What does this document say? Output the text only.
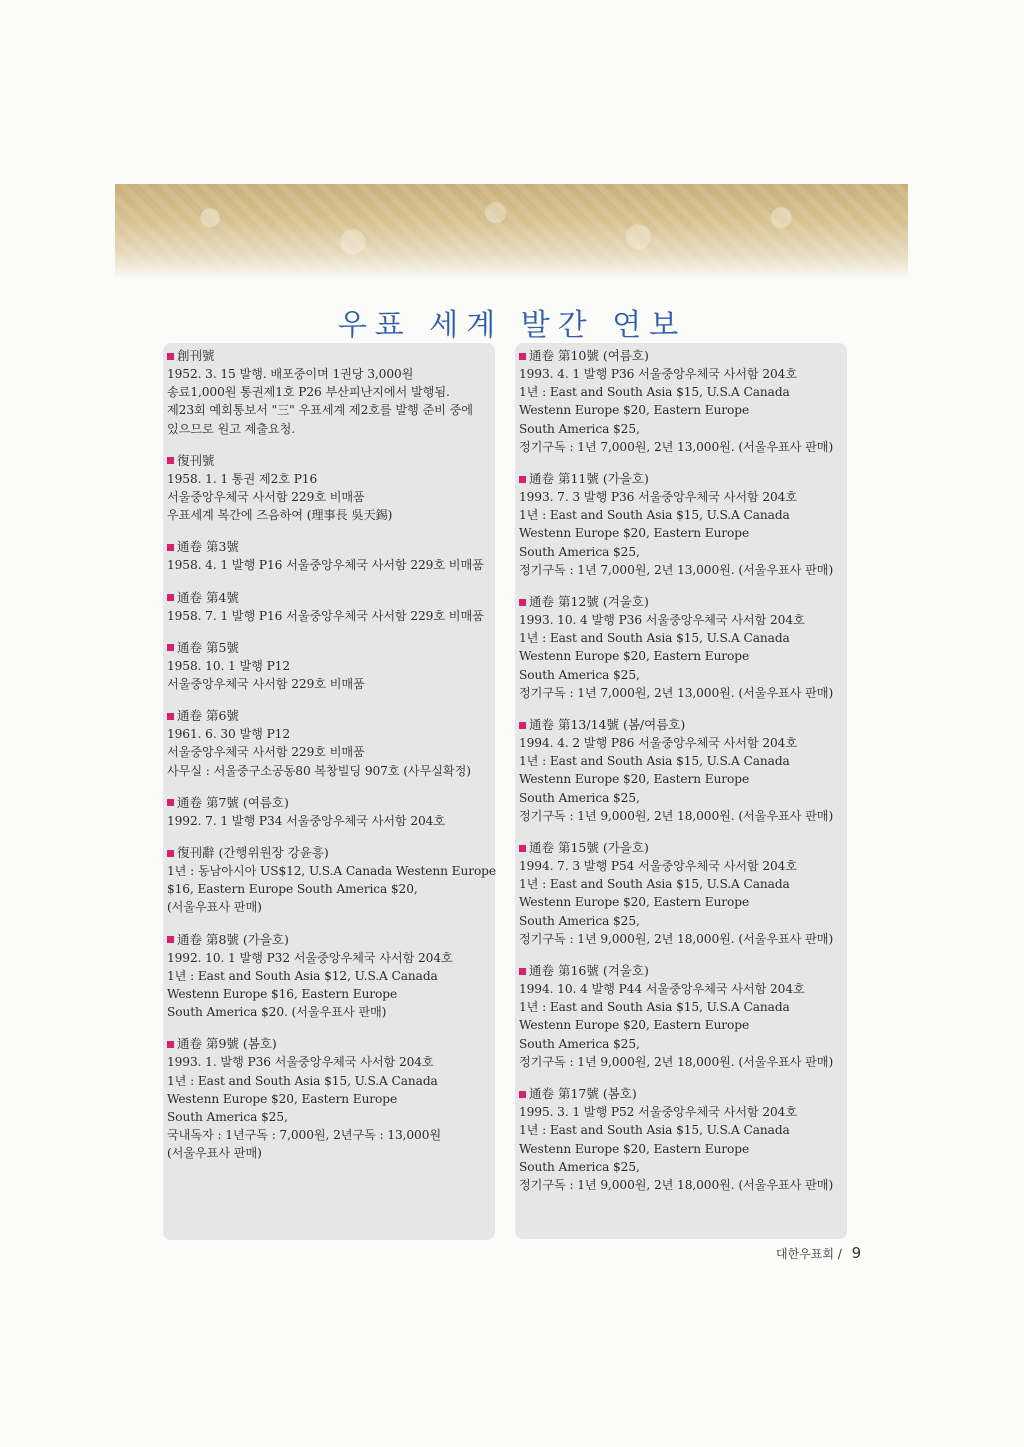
우표 세계 발간 연보
創刊號
1952. 3. 15 발행. 배포중이며 1권당 3,000원
송료1,000원 통권제1호 P26 부산피난지에서 발행됨.
제23회 예회통보서 "三" 우표세계 제2호를 발행 준비 중에
있으므로 원고 제출요청.
復刊號
1958. 1. 1 통권 제2호 P16
서울중앙우체국 사서함 229호 비매품
우표세계 복간에 즈음하여 (理事長 吳天錫)
通卷 第3號
1958. 4. 1 발행 P16 서울중앙우체국 사서함 229호 비매품
通卷 第4號
1958. 7. 1 발행 P16 서울중앙우체국 사서함 229호 비매품
通卷 第5號
1958. 10. 1 발행 P12
서울중앙우체국 사서함 229호 비매품
通卷 第6號
1961. 6. 30 발행 P12
서울중앙우체국 사서함 229호 비매품
사무실 : 서울중구소공동80 복창빌딩 907호 (사무실확정)
通卷 第7號 (여름호)
1992. 7. 1 발행 P34 서울중앙우체국 사서함 204호
復刊辭 (간행위원장 강윤흥)
1년 : 동남아시아 US$12, U.S.A Canada Westenn Europe
$16, Eastern Europe South America $20,
(서울우표사 판매)
通卷 第8號 (가을호)
1992. 10. 1 발행 P32 서울중앙우체국 사서함 204호
1년 : East and South Asia $12, U.S.A Canada
Westenn Europe $16, Eastern Europe
South America $20. (서울우표사 판매)
通卷 第9號 (봄호)
1993. 1. 발행 P36 서울중앙우체국 사서함 204호
1년 : East and South Asia $15, U.S.A Canada
Westenn Europe $20, Eastern Europe
South America $25,
국내독자 : 1년구독 : 7,000원, 2년구독 : 13,000원
(서울우표사 판매)
通卷 第10號 (여름호)
1993. 4. 1 발행 P36 서울중앙우체국 사서함 204호
1년 : East and South Asia $15, U.S.A Canada
Westenn Europe $20, Eastern Europe
South America $25,
정기구독 : 1년 7,000원, 2년 13,000원. (서울우표사 판매)
通卷 第11號 (가을호)
1993. 7. 3 발행 P36 서울중앙우체국 사서함 204호
1년 : East and South Asia $15, U.S.A Canada
Westenn Europe $20, Eastern Europe
South America $25,
정기구독 : 1년 7,000원, 2년 13,000원. (서울우표사 판매)
通卷 第12號 (겨울호)
1993. 10. 4 발행 P36 서울중앙우체국 사서함 204호
1년 : East and South Asia $15, U.S.A Canada
Westenn Europe $20, Eastern Europe
South America $25,
정기구독 : 1년 7,000원, 2년 13,000원. (서울우표사 판매)
通卷 第13/14號 (봄/여름호)
1994. 4. 2 발행 P86 서울중앙우체국 사서함 204호
1년 : East and South Asia $15, U.S.A Canada
Westenn Europe $20, Eastern Europe
South America $25,
정기구독 : 1년 9,000원, 2년 18,000원. (서울우표사 판매)
通卷 第15號 (가을호)
1994. 7. 3 발행 P54 서울중앙우체국 사서함 204호
1년 : East and South Asia $15, U.S.A Canada
Westenn Europe $20, Eastern Europe
South America $25,
정기구독 : 1년 9,000원, 2년 18,000원. (서울우표사 판매)
通卷 第16號 (겨울호)
1994. 10. 4 발행 P44 서울중앙우체국 사서함 204호
1년 : East and South Asia $15, U.S.A Canada
Westenn Europe $20, Eastern Europe
South America $25,
정기구독 : 1년 9,000원, 2년 18,000원. (서울우표사 판매)
通卷 第17號 (봄호)
1995. 3. 1 발행 P52 서울중앙우체국 사서함 204호
1년 : East and South Asia $15, U.S.A Canada
Westenn Europe $20, Eastern Europe
South America $25,
정기구독 : 1년 9,000원, 2년 18,000원. (서울우표사 판매)
대한우표회 / 9
